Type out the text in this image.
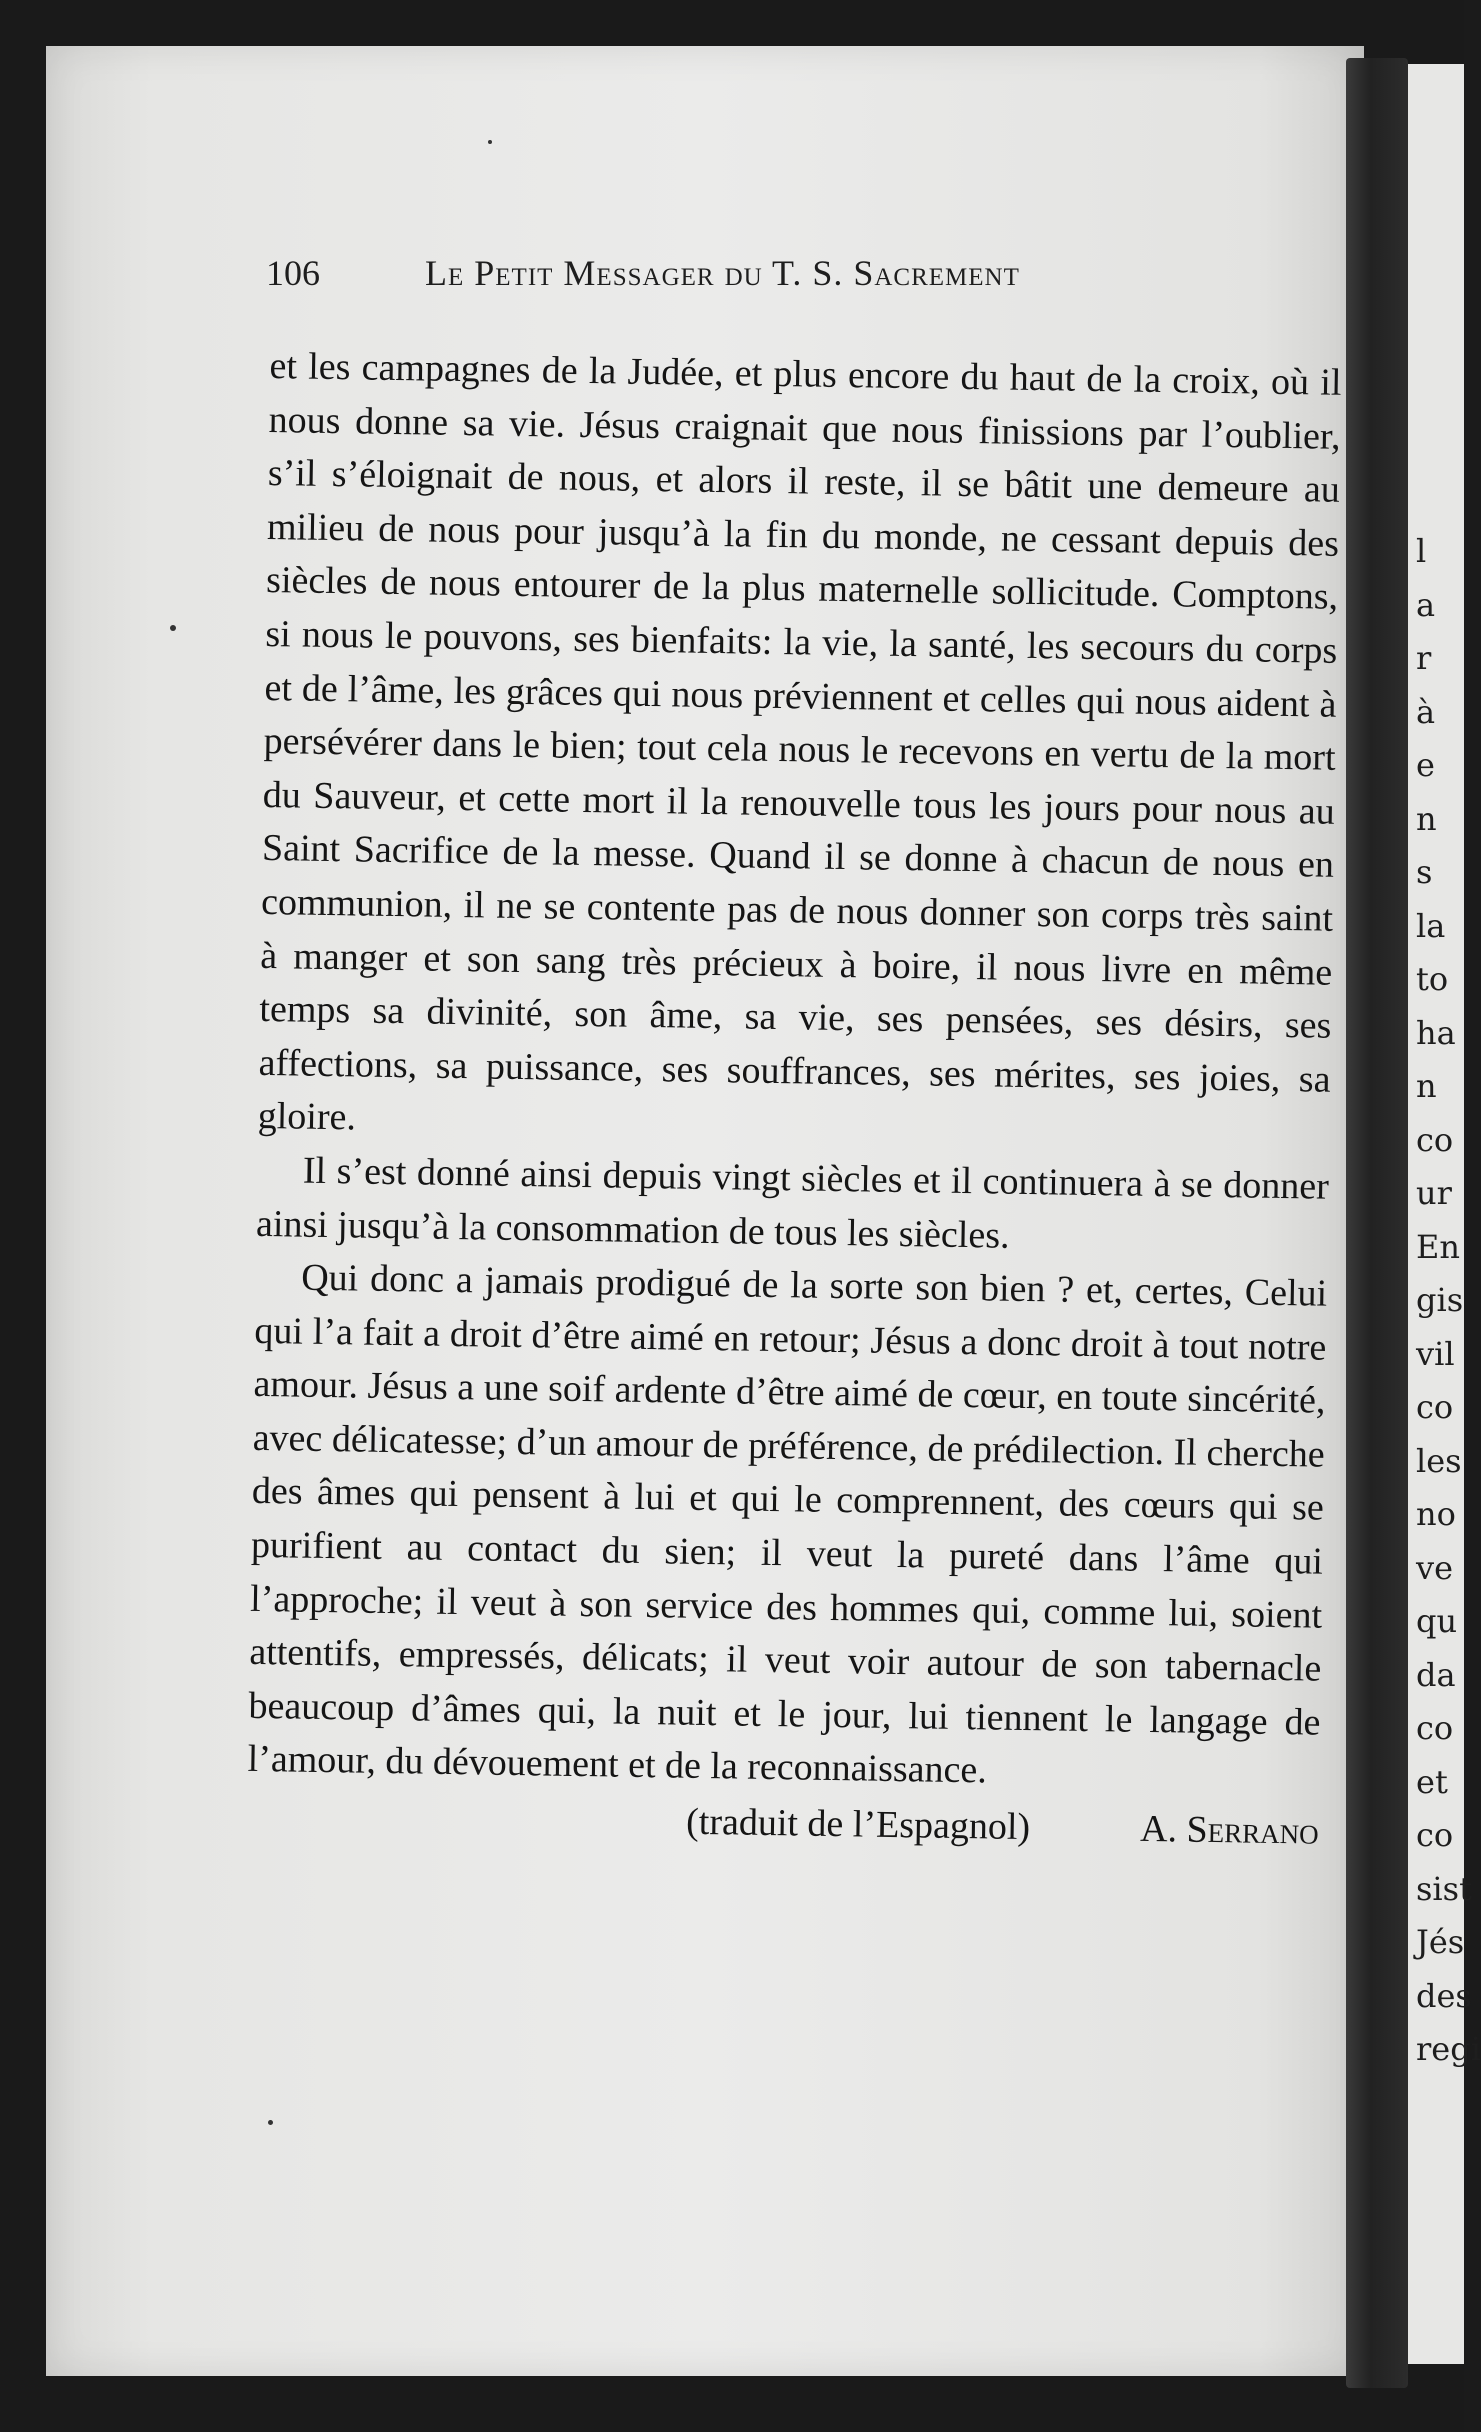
l
a
r
à
e
n
s
la
to
ha
n
co
ur
En
gis
vil
co
les
no
ve
qu
da
co
et
co
sist
Jés
des
regi
106	Le Petit Messager du T. S. Sacrement

et les campagnes de la Judée, et plus encore du haut de la croix, où il nous donne sa vie. Jésus craignait que nous finissions par l’oublier, s’il s’éloignait de nous, et alors il reste, il se bâtit une demeure au milieu de nous pour jusqu’à la fin du monde, ne cessant depuis des siècles de nous entourer de la plus maternelle sollicitude. Comptons, si nous le pouvons, ses bienfaits: la vie, la santé, les secours du corps et de l’âme, les grâces qui nous préviennent et celles qui nous aident à persévérer dans le bien; tout cela nous le recevons en vertu de la mort du Sauveur, et cette mort il la renouvelle tous les jours pour nous au Saint Sacrifice de la messe. Quand il se donne à chacun de nous en communion, il ne se contente pas de nous donner son corps très saint à manger et son sang très précieux à boire, il nous livre en même temps sa divinité, son âme, sa vie, ses pensées, ses désirs, ses affections, sa puissance, ses souffrances, ses mérites, ses joies, sa gloire.

Il s’est donné ainsi depuis vingt siècles et il continuera à se donner ainsi jusqu’à la consommation de tous les siècles.

Qui donc a jamais prodigué de la sorte son bien ? et, certes, Celui qui l’a fait a droit d’être aimé en retour; Jésus a donc droit à tout notre amour. Jésus a une soif ardente d’être aimé de cœur, en toute sincérité, avec délicatesse; d’un amour de préférence, de prédilection. Il cherche des âmes qui pensent à lui et qui le comprennent, des cœurs qui se purifient au contact du sien; il veut la pureté dans l’âme qui l’approche; il veut à son service des hommes qui, comme lui, soient attentifs, empressés, délicats; il veut voir autour de son tabernacle beaucoup d’âmes qui, la nuit et le jour, lui tiennent le langage de l’amour, du dévouement et de la reconnaissance.

(traduit de l’Espagnol)	A. Serrano
